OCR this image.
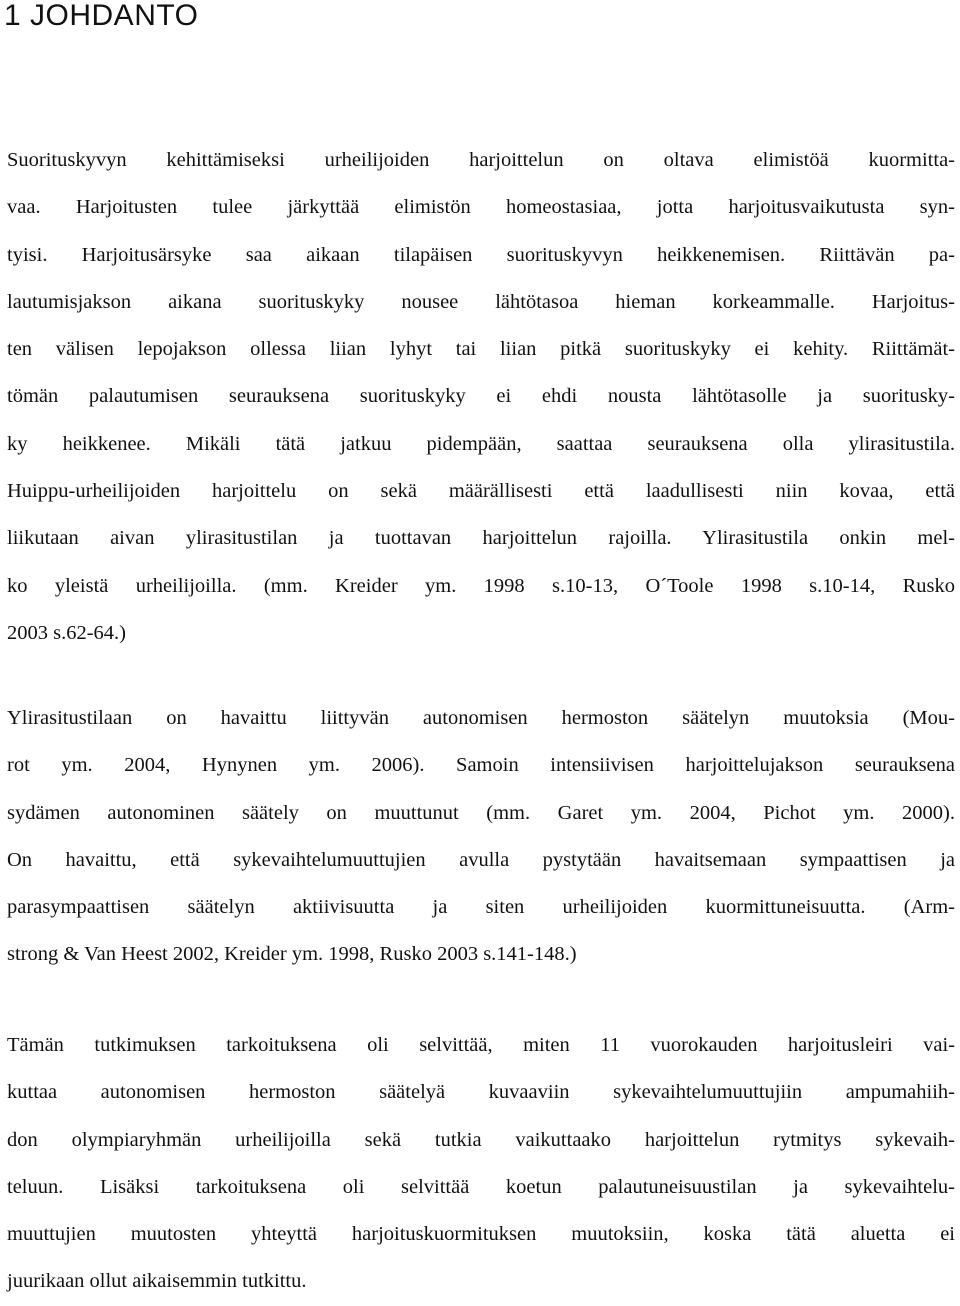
1 JOHDANTO
Suorituskyvyn kehittämiseksi urheilijoiden harjoittelun on oltava elimistöä kuormitta-
vaa. Harjoitusten tulee järkyttää elimistön homeostasiaa, jotta harjoitusvaikutusta syn-
tyisi. Harjoitusärsyke saa aikaan tilapäisen suorituskyvyn heikkenemisen. Riittävän pa-
lautumisjakson aikana suorituskyky nousee lähtötasoa hieman korkeammalle. Harjoitus-
ten välisen lepojakson ollessa liian lyhyt tai liian pitkä suorituskyky ei kehity. Riittämät-
tömän palautumisen seurauksena suorituskyky ei ehdi nousta lähtötasolle ja suoritusky-
ky heikkenee. Mikäli tätä jatkuu pidempään, saattaa seurauksena olla ylirasitustila.
Huippu-urheilijoiden harjoittelu on sekä määrällisesti että laadullisesti niin kovaa, että
liikutaan aivan ylirasitustilan ja tuottavan harjoittelun rajoilla. Ylirasitustila onkin mel-
ko yleistä urheilijoilla. (mm. Kreider ym. 1998 s.10-13, O´Toole 1998 s.10-14, Rusko
2003 s.62-64.)
Ylirasitustilaan on havaittu liittyvän autonomisen hermoston säätelyn muutoksia (Mou-
rot ym. 2004, Hynynen ym. 2006). Samoin intensiivisen harjoittelujakson seurauksena
sydämen autonominen säätely on muuttunut (mm. Garet ym. 2004, Pichot ym. 2000).
On havaittu, että sykevaihtelumuuttujien avulla pystytään havaitsemaan sympaattisen ja
parasympaattisen säätelyn aktiivisuutta ja siten urheilijoiden kuormittuneisuutta. (Arm-
strong & Van Heest 2002, Kreider ym. 1998, Rusko 2003 s.141-148.)
Tämän tutkimuksen tarkoituksena oli selvittää, miten 11 vuorokauden harjoitusleiri vai-
kuttaa autonomisen hermoston säätelyä kuvaaviin sykevaihtelumuuttujiin ampumahiih-
don olympiaryhmän urheilijoilla sekä tutkia vaikuttaako harjoittelun rytmitys sykevaih-
teluun. Lisäksi tarkoituksena oli selvittää koetun palautuneisuustilan ja sykevaihtelu-
muuttujien muutosten yhteyttä harjoituskuormituksen muutoksiin, koska tätä aluetta ei
juurikaan ollut aikaisemmin tutkittu.
